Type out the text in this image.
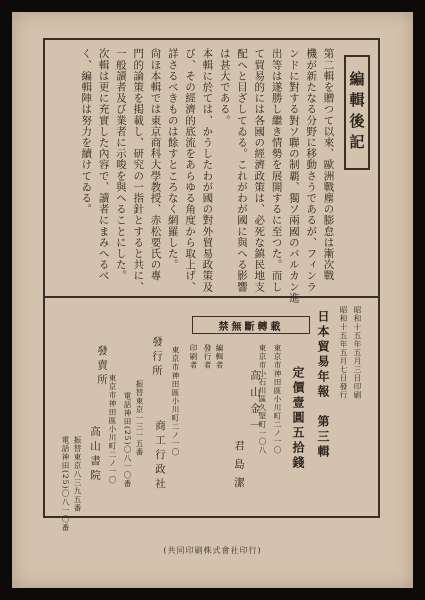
編輯後記
第二輯を贈つて以來、歐洲戰塵の膨怠は漸次戰
機が新たなる分野に移動さうであるが、フィンラ
ンドに對する對ソ聯の制覇、獨ソ兩國のバルカン進
出等は遂勝し繼き情勢を展開するに至つた。而し
て貿易的には各國の經濟政策は、必死な鎮民地支
配へと目ざしてゐる。これがわが國に與へる影響
は甚大である。
本輯に於ては、かうしたわが國の對外貿易政策及
び、その經濟的底流をあらゆる角度から取上げ、
詳さるべきものは餘すところなく網羅した。
尙ほ本輯では東京商科大學教授、赤松要氏の專
門的論策を掲載し、研究の一指針とすると共に、
一般讀者及び業者に示唆を與へることにした。
次輯は更に充實した內容で、讀者にまみへるべ
く、編輯陣は努力を續けてゐる。
昭和十五年五月三日印刷
昭和十五年五月七日發行
日本貿易年報　第三輯
定價壹圓五拾錢
禁無斷轉載
東京市神田區小川町二ノ一〇
編輯者
發行者
高山金一
東京市小石川區久堅町一〇八
印刷者
君島潔
東京市神田區小川町二ノ一〇
發行所
商工行政社
振替東京一三一五番
電話神田(25)〇八一〇番
發賣所
東京市神田區小川町二ノ一〇
高山書院
振替東京八三九五番
電話神田(25)〇八一〇番
(共同印刷株式會社印行)
